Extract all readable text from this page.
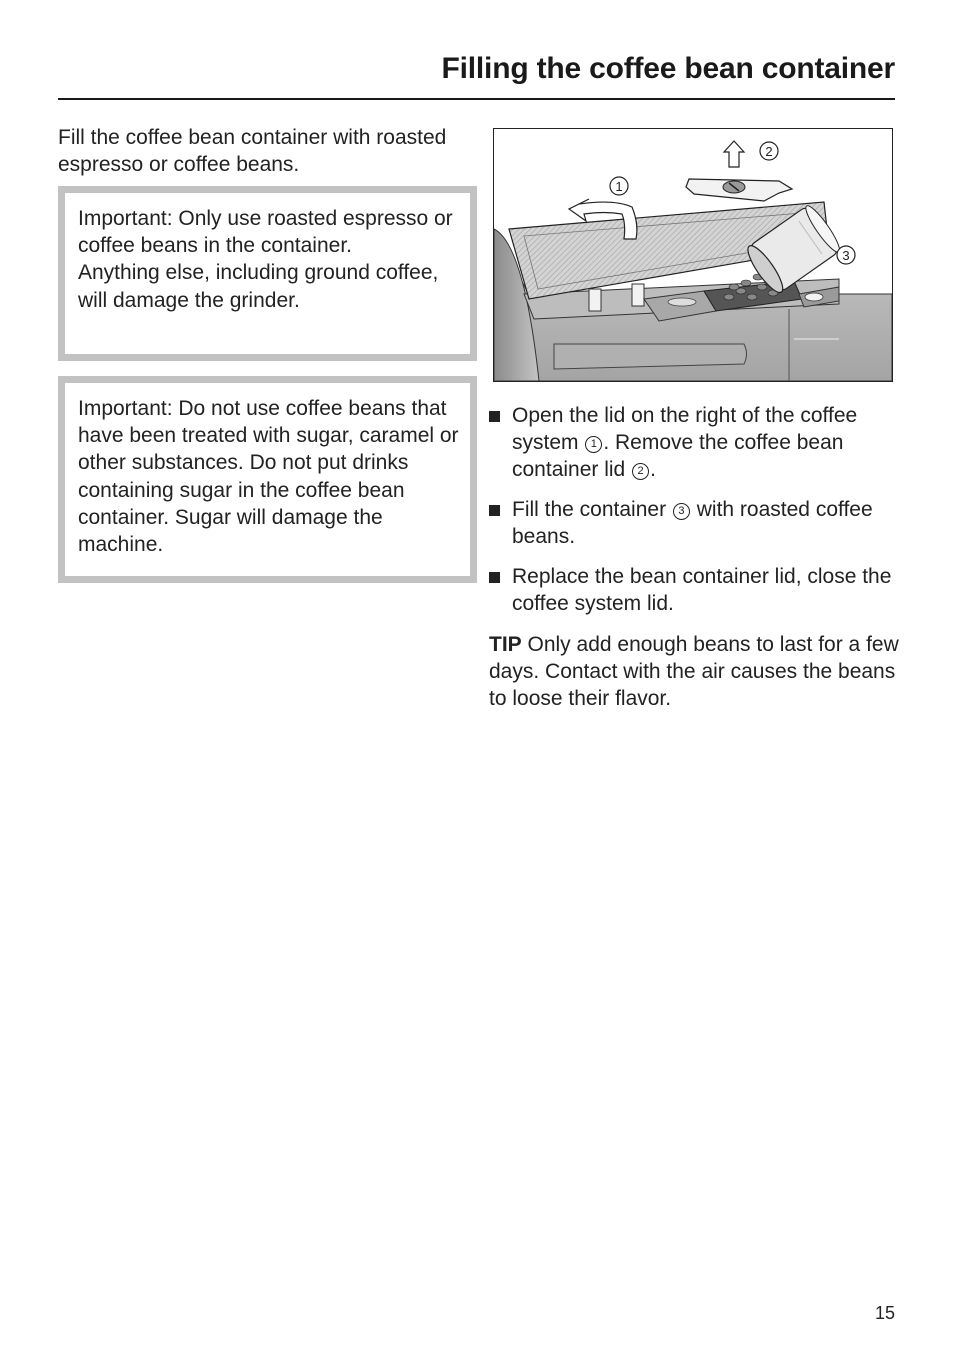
Filling the coffee bean container

Fill the coffee bean container with roasted espresso or coffee beans.

Important: Only use roasted espresso or coffee beans in the container.

Anything else, including ground coffee, will damage the grinder.

Important: Do not use coffee beans that have been treated with sugar, caramel or other substances. Do not put drinks containing sugar in the coffee bean container. Sugar will damage the machine.

1
2
3
Open the lid on the right of the coffee system 1 . Remove the coffee bean container lid 2 .
Fill the container 3 with roasted coffee beans.
Replace the bean container lid, close the coffee system lid.

TIP Only add enough beans to last for a few days. Contact with the air causes the beans to loose their flavor.

15
